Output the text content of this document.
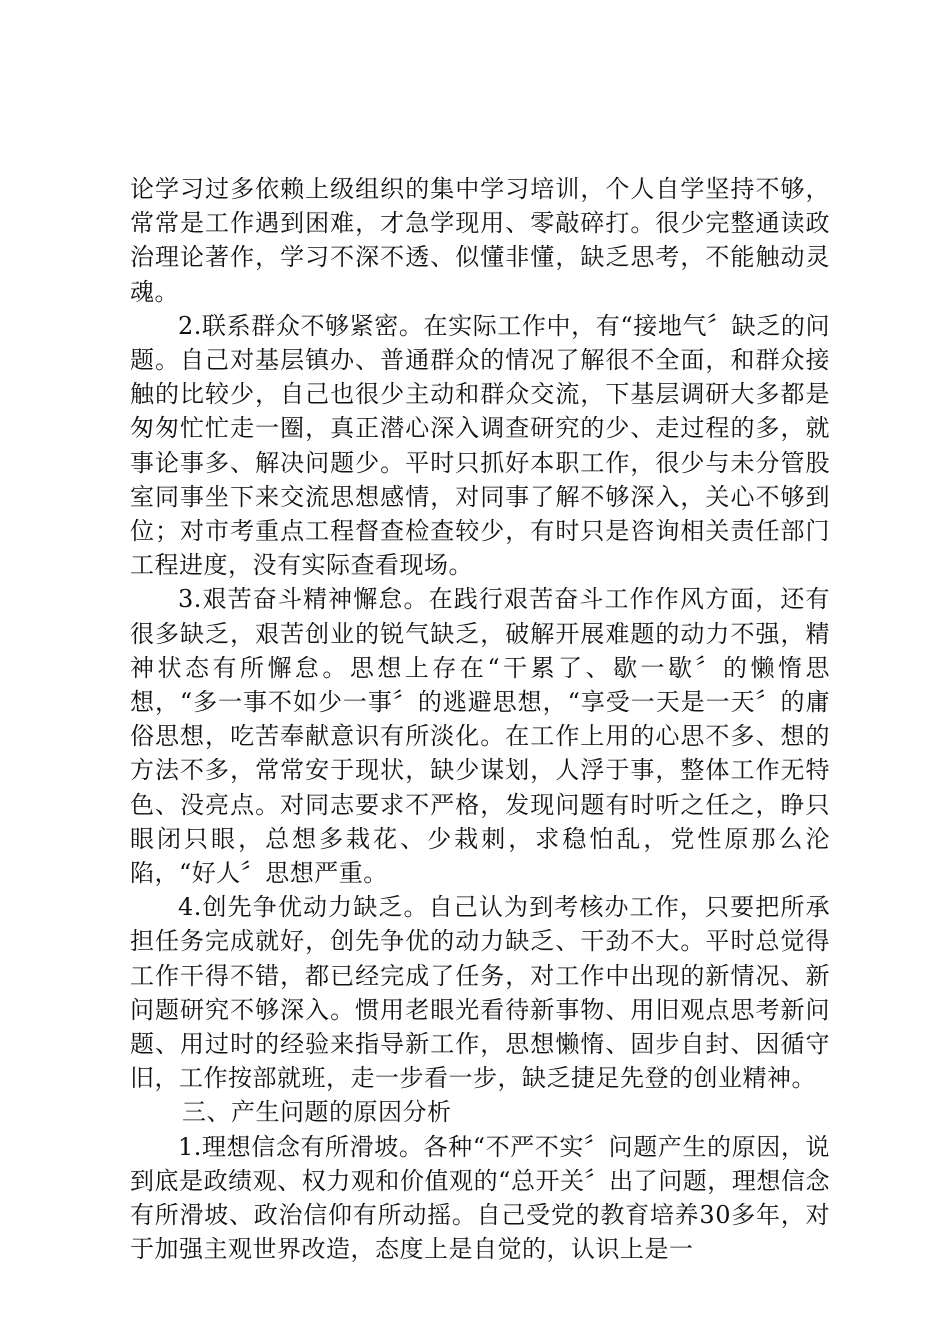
论学习过多依赖上级组织的集中学习培训，个人自学坚持不够，常常是工作遇到困难，才急学现用、零敲碎打。很少完整通读政治理论著作，学习不深不透、似懂非懂，缺乏思考，不能触动灵魂。

2.联系群众不够紧密。在实际工作中，有“接地气〞缺乏的问题。自己对基层镇办、普通群众的情况了解很不全面，和群众接触的比较少，自己也很少主动和群众交流，下基层调研大多都是匆匆忙忙走一圈，真正潜心深入调查研究的少、走过程的多，就事论事多、解决问题少。平时只抓好本职工作，很少与未分管股室同事坐下来交流思想感情，对同事了解不够深入，关心不够到位；对市考重点工程督查检查较少，有时只是咨询相关责任部门工程进度，没有实际查看现场。

3.艰苦奋斗精神懈怠。在践行艰苦奋斗工作作风方面，还有很多缺乏，艰苦创业的锐气缺乏，破解开展难题的动力不强，精神状态有所懈怠。思想上存在“干累了、歇一歇〞的懒惰思想，“多一事不如少一事〞的逃避思想，“享受一天是一天〞的庸俗思想，吃苦奉献意识有所淡化。在工作上用的心思不多、想的方法不多，常常安于现状，缺少谋划，人浮于事，整体工作无特色、没亮点。对同志要求不严格，发现问题有时听之任之，睁只眼闭只眼，总想多栽花、少栽刺，求稳怕乱，党性原那么沦陷，“好人〞思想严重。

4.创先争优动力缺乏。自己认为到考核办工作，只要把所承担任务完成就好，创先争优的动力缺乏、干劲不大。平时总觉得工作干得不错，都已经完成了任务，对工作中出现的新情况、新问题研究不够深入。惯用老眼光看待新事物、用旧观点思考新问题、用过时的经验来指导新工作，思想懒惰、固步自封、因循守旧，工作按部就班，走一步看一步，缺乏捷足先登的创业精神。

三、产生问题的原因分析

1.理想信念有所滑坡。各种“不严不实〞问题产生的原因，说到底是政绩观、权力观和价值观的“总开关〞出了问题，理想信念有所滑坡、政治信仰有所动摇。自己受党的教育培养30多年，对于加强主观世界改造，态度上是自觉的，认识上是一
